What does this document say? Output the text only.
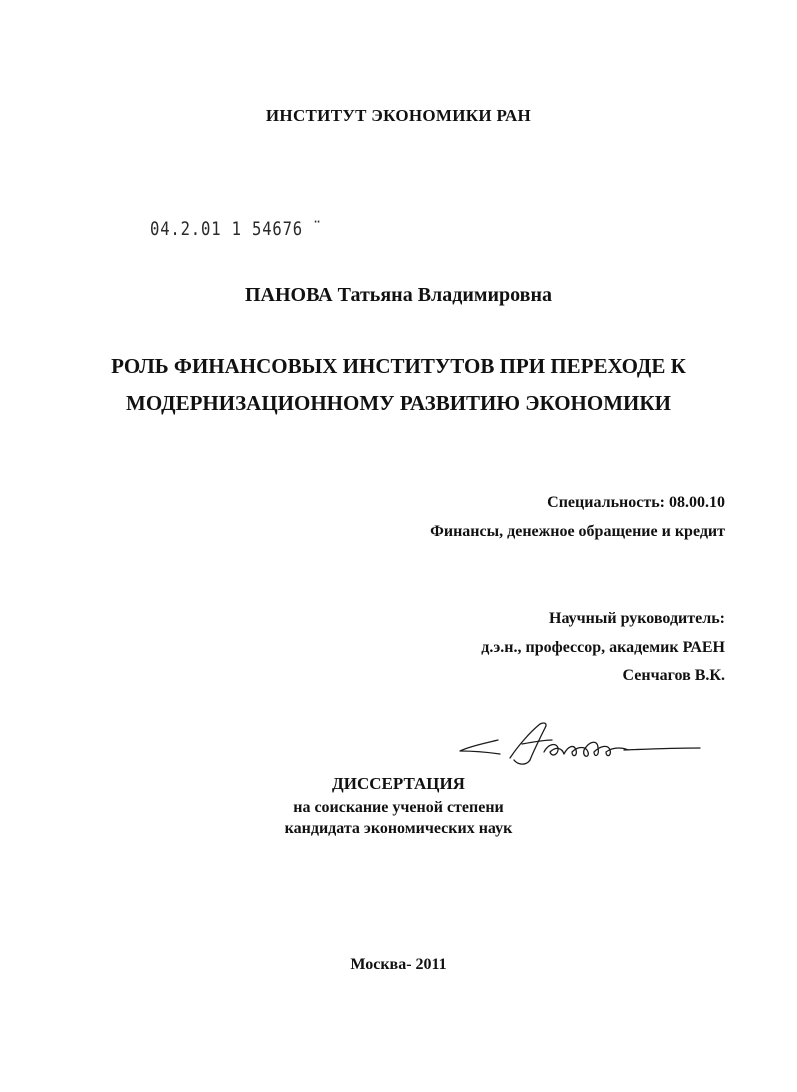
ИНСТИТУТ ЭКОНОМИКИ РАН

04.2.01 1 54676 ̈

ПАНОВА Татьяна Владимировна

РОЛЬ ФИНАНСОВЫХ ИНСТИТУТОВ ПРИ ПЕРЕХОДЕ К
МОДЕРНИЗАЦИОННОМУ РАЗВИТИЮ ЭКОНОМИКИ

Специальность: 08.00.10

Финансы, денежное обращение и кредит

Научный руководитель:

д.э.н., профессор, академик РАЕН

Сенчагов В.К.

ДИССЕРТАЦИЯ

на соискание ученой степени

кандидата экономических наук

Москва- 2011
